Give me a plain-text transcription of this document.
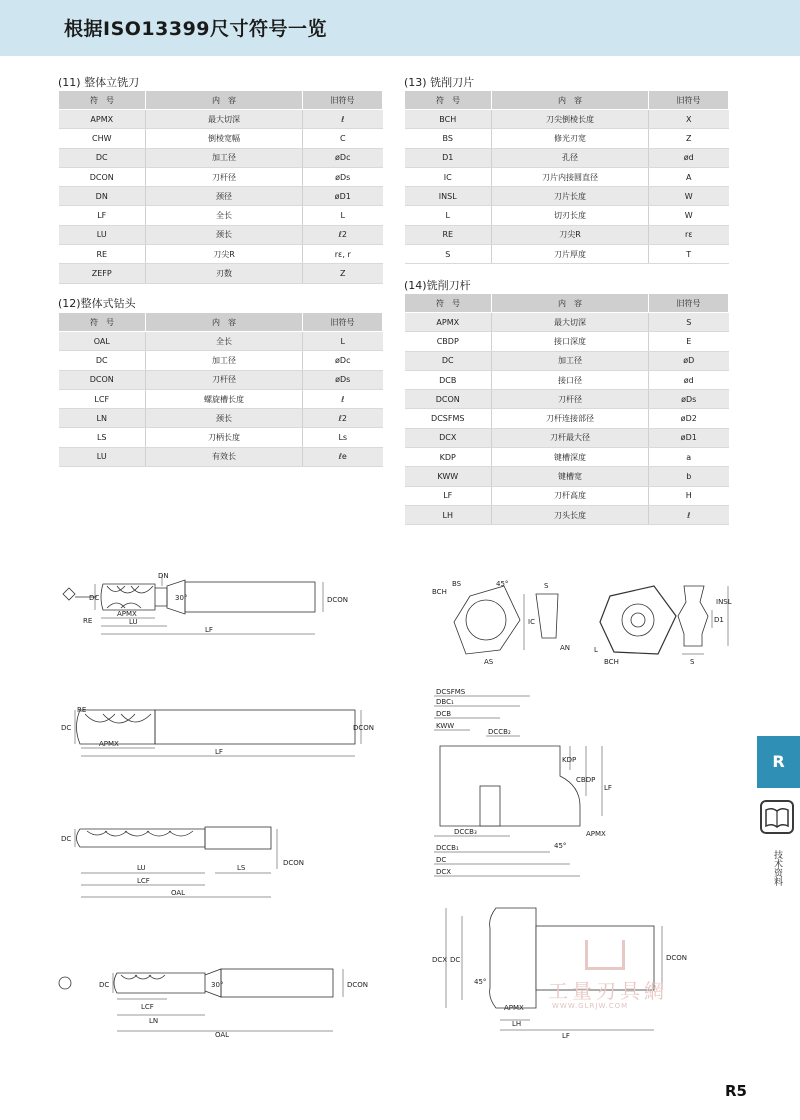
根据ISO13399尺寸符号一览
(11) 整体立铣刀
符　号	内　容	旧符号
APMX	最大切深	ℓ
CHW	倒棱宽幅	C
DC	加工径	øDc
DCON	刀杆径	øDs
DN	颈径	øD1
LF	全长	L
LU	颈长	ℓ2
RE	刀尖R	rε, r
ZEFP	刃数	Z
(12)整体式钻头
符　号	内　容	旧符号
OAL	全长	L
DC	加工径	øDc
DCON	刀杆径	øDs
LCF	螺旋槽长度	ℓ
LN	颈长	ℓ2
LS	刀柄长度	Ls
LU	有效长	ℓe
(13) 铣削刀片
符　号	内　容	旧符号
BCH	刀尖倒棱长度	X
BS	修光刃宽	Z
D1	孔径	ød
IC	刀片内接圆直径	A
INSL	刀片长度	W
L	切刃长度	W
RE	刀尖R	rε
S	刀片厚度	T
(14)铣削刀杆
符　号	内　容	旧符号
APMX	最大切深	S
CBDP	接口深度	E
DC	加工径	øD
DCB	接口径	ød
DCON	刀杆径	øDs
DCSFMS	刀杆连接部径	øD2
DCX	刀杆最大径	øD1
KDP	键槽深度	a
KWW	键槽宽	b
LF	刀杆高度	H
LH	刀头长度	ℓ
DC
RE
APMX
LU
DN
30°
LF
DCON
RE
DC
APMX
LF
DCON
DC
LU	LS
LCF
OAL
DCON
DC	30°
LCF
LN
OAL
DCON
BCH
BS	45°
IC
AS
S
AN	L
D1
INSL
BCH	S
DCSFMS
DBC₁
DCB
KWW
DCCB₂
KDP
CBDP
LF
DCCB₃
DCCB₁
DC
DCX
45°
APMX
DCX DC
45°
APMX
LH
LF
DCON
工量刃具網
WWW.GLRJW.COM
R
技术资料
R5
